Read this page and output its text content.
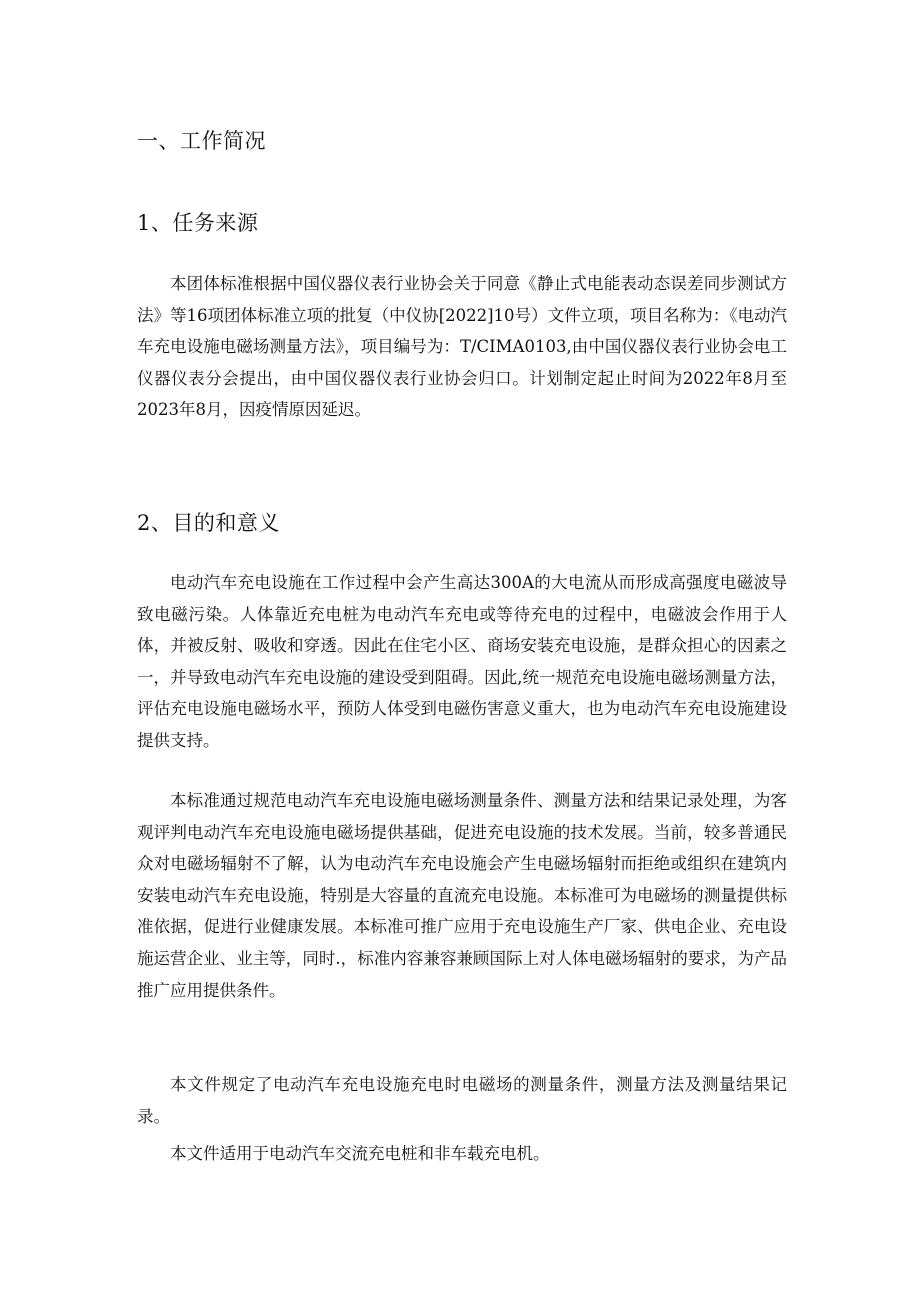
一、工作简况
1、任务来源

本团体标准根据中国仪器仪表行业协会关于同意《静止式电能表动态误差同步测试方法》等16项团体标准立项的批复（中仪协[2022]10号）文件立项，项目名称为：《电动汽车充电设施电磁场测量方法》，项目编号为：T/CIMA0103,由中国仪器仪表行业协会电工仪器仪表分会提出，由中国仪器仪表行业协会归口。计划制定起止时间为2022年8月至2023年8月，因疫情原因延迟。

2、目的和意义

电动汽车充电设施在工作过程中会产生高达300A的大电流从而形成高强度电磁波导致电磁污染。人体靠近充电桩为电动汽车充电或等待充电的过程中，电磁波会作用于人体，并被反射、吸收和穿透。因此在住宅小区、商场安装充电设施，是群众担心的因素之一，并导致电动汽车充电设施的建设受到阻碍。因此,统一规范充电设施电磁场测量方法，评估充电设施电磁场水平，预防人体受到电磁伤害意义重大，也为电动汽车充电设施建设提供支持。

本标准通过规范电动汽车充电设施电磁场测量条件、测量方法和结果记录处理，为客观评判电动汽车充电设施电磁场提供基础，促进充电设施的技术发展。当前，较多普通民众对电磁场辐射不了解，认为电动汽车充电设施会产生电磁场辐射而拒绝或组织在建筑内安装电动汽车充电设施，特别是大容量的直流充电设施。本标准可为电磁场的测量提供标准依据，促进行业健康发展。本标准可推广应用于充电设施生产厂家、供电企业、充电设施运营企业、业主等，同时.，标准内容兼容兼顾国际上对人体电磁场辐射的要求，为产品推广应用提供条件。

本文件规定了电动汽车充电设施充电时电磁场的测量条件，测量方法及测量结果记录。

本文件适用于电动汽车交流充电桩和非车载充电机。
